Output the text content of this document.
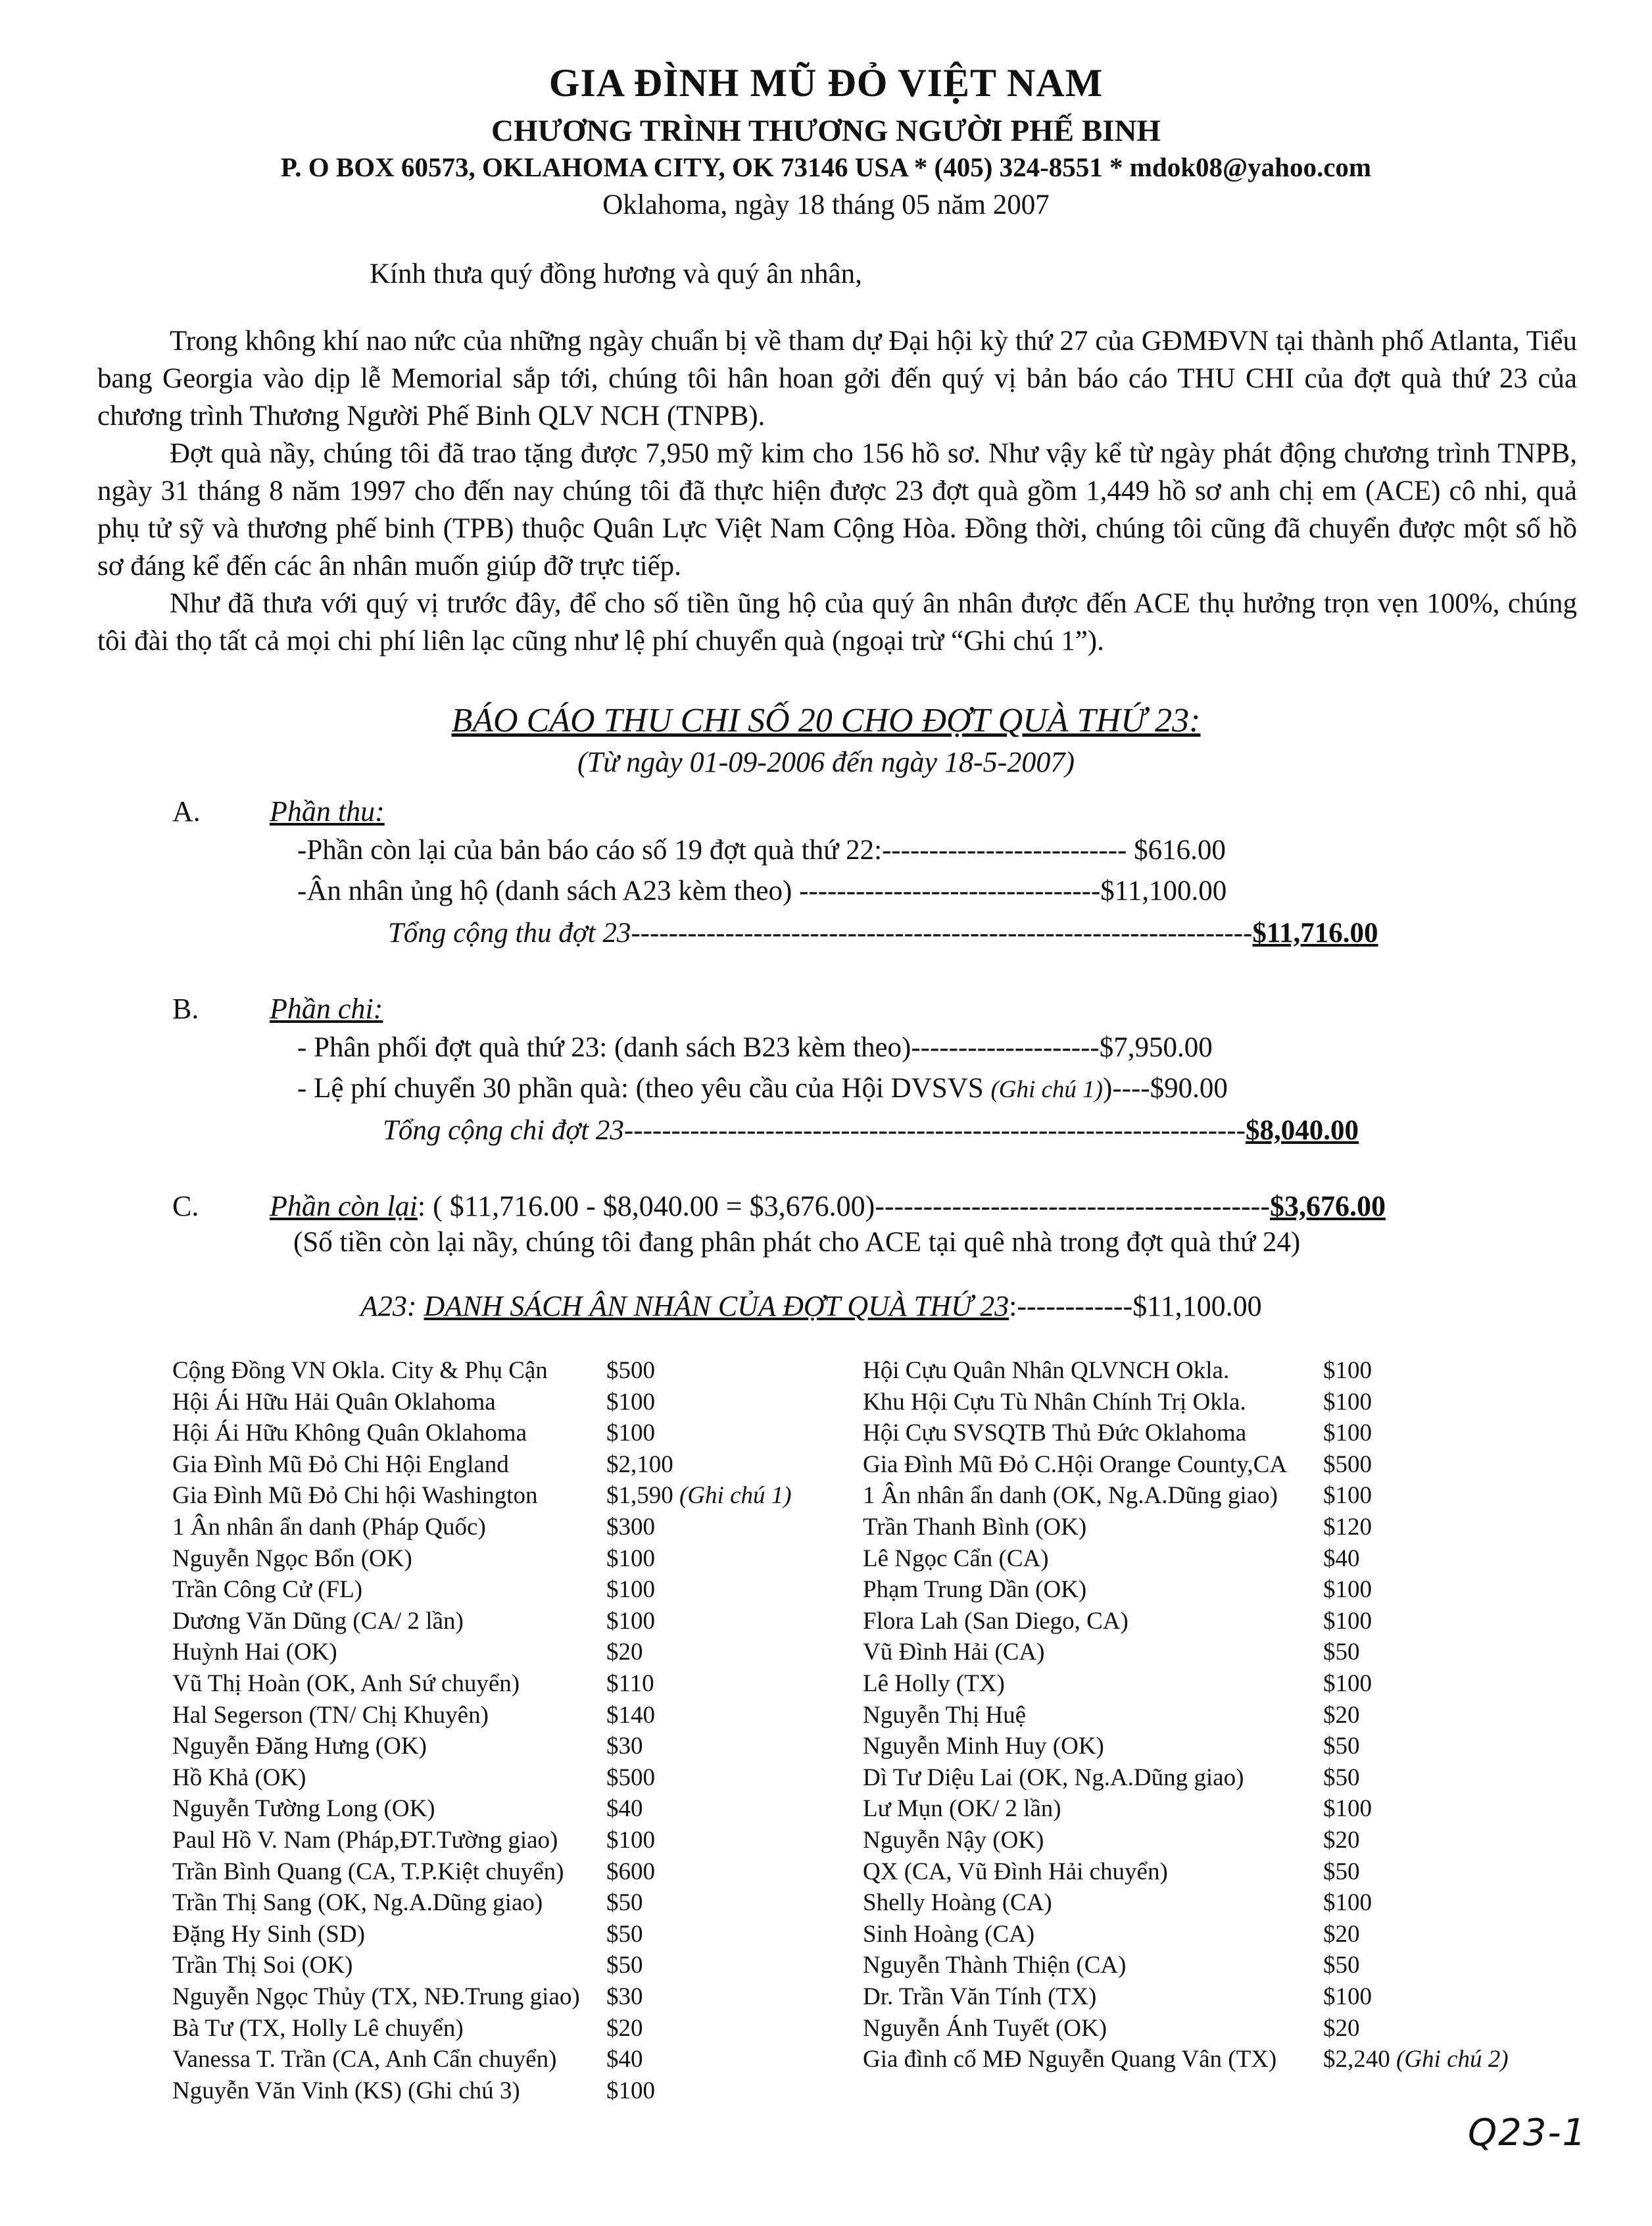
GIA ĐÌNH MŨ ĐỎ VIỆT NAM
CHƯƠNG TRÌNH THƯƠNG NGƯỜI PHẾ BINH
P. O BOX 60573, OKLAHOMA CITY, OK 73146 USA * (405) 324-8551 * mdok08@yahoo.com
Oklahoma, ngày 18 tháng 05 năm 2007
Kính thưa quý đồng hương và quý ân nhân,

Trong không khí nao nức của những ngày chuẩn bị về tham dự Đại hội kỳ thứ 27 của GĐMĐVN tại thành phố Atlanta, Tiểu bang Georgia vào dịp lễ Memorial sắp tới, chúng tôi hân hoan gởi đến quý vị bản báo cáo THU CHI của đợt quà thứ 23 của chương trình Thương Người Phế Binh QLV NCH (TNPB).

Đợt quà nầy, chúng tôi đã trao tặng được 7,950 mỹ kim cho 156 hồ sơ. Như vậy kể từ ngày phát động chương trình TNPB, ngày 31 tháng 8 năm 1997 cho đến nay chúng tôi đã thực hiện được 23 đợt quà gồm 1,449 hồ sơ anh chị em (ACE) cô nhi, quả phụ tử sỹ và thương phế binh (TPB) thuộc Quân Lực Việt Nam Cộng Hòa. Đồng thời, chúng tôi cũng đã chuyển được một số hồ sơ đáng kể đến các ân nhân muốn giúp đỡ trực tiếp.

Như đã thưa với quý vị trước đây, để cho số tiền ũng hộ của quý ân nhân được đến ACE thụ hưởng trọn vẹn 100%, chúng tôi đài thọ tất cả mọi chi phí liên lạc cũng như lệ phí chuyển quà (ngoại trừ “Ghi chú 1”).

BÁO CÁO THU CHI SỐ 20 CHO ĐỢT QUÀ THỨ 23:
(Từ ngày 01-09-2006 đến ngày 18-5-2007)
A. Phần thu:
-Phần còn lại của bản báo cáo số 19 đợt quà thứ 22:-------------------------- $616.00
-Ân nhân ủng hộ (danh sách A23 kèm theo) --------------------------------$11,100.00
Tổng cộng thu đợt 23------------------------------------------------------------------$11,716.00
B. Phần chi:
- Phân phối đợt quà thứ 23: (danh sách B23 kèm theo)--------------------$7,950.00
- Lệ phí chuyển 30 phần quà: (theo yêu cầu của Hội DVSVS (Ghi chú 1))----$90.00
Tổng cộng chi đợt 23------------------------------------------------------------------$8,040.00
C. Phần còn lại: ( $11,716.00 - $8,040.00 = $3,676.00)-----------------------------------------$3,676.00
(Số tiền còn lại nầy, chúng tôi đang phân phát cho ACE tại quê nhà trong đợt quà thứ 24)
A23: DANH SÁCH ÂN NHÂN CỦA ĐỢT QUÀ THỨ 23:------------$11,100.00
Cộng Đồng VN Okla. City & Phụ Cận $500
Hội Ái Hữu Hải Quân Oklahoma	$100
Hội Ái Hữu Không Quân Oklahoma	$100
Gia Đình Mũ Đỏ Chi Hội England	$2,100
Gia Đình Mũ Đỏ Chi hội Washington	$1,590 (Ghi chú 1)
1 Ân nhân ẩn danh (Pháp Quốc)	$300
Nguyễn Ngọc Bổn (OK)	$100
Trần Công Cử (FL)	$100
Dương Văn Dũng (CA/ 2 lần)	$100
Huỳnh Hai (OK)	$20
Vũ Thị Hoàn (OK, Anh Sứ chuyển)	$110
Hal Segerson (TN/ Chị Khuyên)	$140
Nguyễn Đăng Hưng (OK)	$30
Hồ Khả (OK)	$500
Nguyễn Tường Long (OK)	$40
Paul Hồ V. Nam (Pháp,ĐT.Tường giao) $100
Trần Bình Quang (CA, T.P.Kiệt chuyển) $600
Trần Thị Sang (OK, Ng.A.Dũng giao)	$50
Đặng Hy Sinh (SD)	$50
Trần Thị Soi (OK)	$50
Nguyễn Ngọc Thủy (TX, NĐ.Trung giao) $30
Bà Tư (TX, Holly Lê chuyển)	$20
Vanessa T. Trần (CA, Anh Cẩn chuyển) $40
Nguyễn Văn Vinh (KS) (Ghi chú 3)	$100
Hội Cựu Quân Nhân QLVNCH Okla.	$100
Khu Hội Cựu Tù Nhân Chính Trị Okla.	$100
Hội Cựu SVSQTB Thủ Đức Oklahoma	$100
Gia Đình Mũ Đỏ C.Hội Orange County,CA $500
1 Ân nhân ẩn danh (OK, Ng.A.Dũng giao) $100
Trần Thanh Bình (OK)	$120
Lê Ngọc Cẩn (CA)	$40
Phạm Trung Dần (OK)	$100
Flora Lah (San Diego, CA)	$100
Vũ Đình Hải (CA)	$50
Lê Holly (TX)	$100
Nguyễn Thị Huệ	$20
Nguyễn Minh Huy (OK)	$50
Dì Tư Diệu Lai (OK, Ng.A.Dũng giao)	$50
Lư Mụn (OK/ 2 lần)	$100
Nguyễn Nậy (OK)	$20
QX (CA, Vũ Đình Hải chuyển)	$50
Shelly Hoàng (CA)	$100
Sinh Hoàng (CA)	$20
Nguyễn Thành Thiện (CA)	$50
Dr. Trần Văn Tính (TX)	$100
Nguyễn Ánh Tuyết (OK)	$20
Gia đình cố MĐ Nguyễn Quang Vân (TX) $2,240 (Ghi chú 2)
Q23-1
